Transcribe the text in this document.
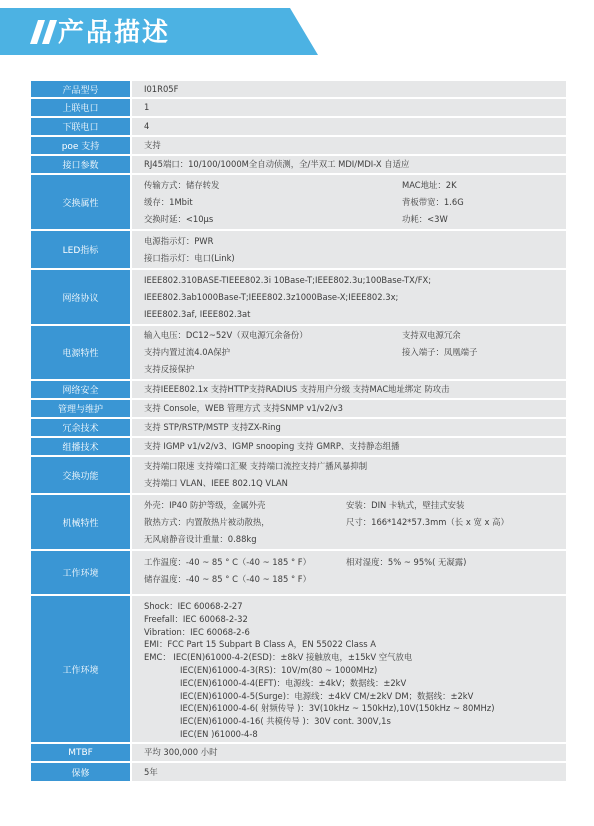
产品描述
产品型号	I01R05F
上联电口	1
下联电口	4
poe 支持	支持
接口参数	RJ45端口：10/100/1000M全自动侦测，全/半双工 MDI/MDI-X 自适应
交换属性
传输方式：储存转发	MAC地址：2K
缓存：1Mbit	背板带宽：1.6G
交换时延：<10μs	功耗：<3W
LED指标
电源指示灯：PWR
接口指示灯：电口(Link)
网络协议
IEEE802.310BASE-TIEEE802.3i 10Base-T;IEEE802.3u;100Base-TX/FX;
IEEE802.3ab1000Base-T;IEEE802.3z1000Base-X;IEEE802.3x;
IEEE802.3af, IEEE802.3at
电源特性
输入电压：DC12~52V（双电源冗余备份）	支持双电源冗余
支持内置过流4.0A保护	接入端子：凤凰端子
支持反接保护
网络安全	支持IEEE802.1x 支持HTTP支持RADIUS 支持用户分级 支持MAC地址绑定 防攻击
管理与维护	支持 Console，WEB 管理方式 支持SNMP v1/v2/v3
冗余技术	支持 STP/RSTP/MSTP 支持ZX-Ring
组播技术	支持 IGMP v1/v2/v3、IGMP snooping 支持 GMRP、支持静态组播
交换功能
支持端口限速 支持端口汇聚 支持端口流控支持广播风暴抑制
支持端口 VLAN、IEEE 802.1Q VLAN
机械特性
外壳：IP40 防护等级，金属外壳	安装：DIN 卡轨式，壁挂式安装
散热方式：内置散热片被动散热，	尺寸：166*142*57.3mm（长 x 宽 x 高）
无风扇静音设计重量：0.88kg
工作环境
工作温度：-40 ~ 85 ° C（-40 ~ 185 ° F）	相对湿度：5% ~ 95%( 无凝露)
储存温度：-40 ~ 85 ° C（-40 ~ 185 ° F）
工作环境
Shock：IEC 60068-2-27
Freefall：IEC 60068-2-32
Vibration：IEC 60068-2-6
EMI：FCC Part 15 Subpart B Class A，EN 55022 Class A
EMC： IEC(EN)61000-4-2(ESD)：±8kV 接触放电，±15kV 空气放电
IEC(EN)61000-4-3(RS)：10V/m(80 ~ 1000MHz)
IEC(EN)61000-4-4(EFT)：电源线：±4kV；数据线：±2kV
IEC(EN)61000-4-5(Surge)：电源线：±4kV CM/±2kV DM；数据线：±2kV
IEC(EN)61000-4-6( 射频传导 )：3V(10kHz ~ 150kHz),10V(150kHz ~ 80MHz)
IEC(EN)61000-4-16( 共模传导 )：30V cont. 300V,1s
IEC(EN )61000-4-8
MTBF	平均 300,000 小时
保修	5年
